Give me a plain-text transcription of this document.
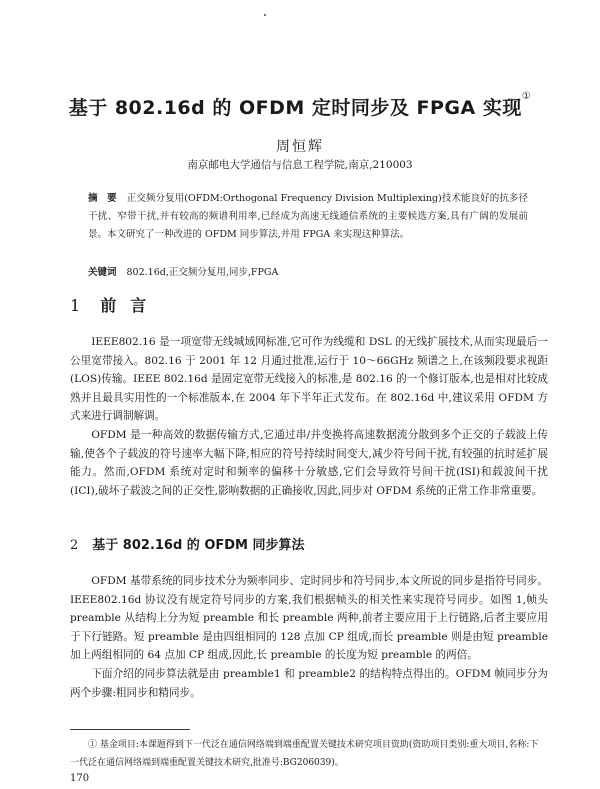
基于 802.16d 的 OFDM 定时同步及 FPGA 实现①
周恒辉
南京邮电大学通信与信息工程学院,南京,210003
摘　要 正交频分复用(OFDM:Orthogonal Frequency Division Multiplexing)技术能良好的抗多径干扰、窄带干扰,并有较高的频谱利用率,已经成为高速无线通信系统的主要候选方案,具有广阔的发展前景。本文研究了一种改进的 OFDM 同步算法,并用 FPGA 来实现这种算法。
关键词 802.16d,正交频分复用,同步,FPGA
1 前言

IEEE802.16 是一项宽带无线城域网标准,它可作为线缆和 DSL 的无线扩展技术,从而实现最后一公里宽带接入。802.16 于 2001 年 12 月通过批准,运行于 10～66GHz 频谱之上,在该频段要求视距(LOS)传输。IEEE 802.16d 是固定宽带无线接入的标准,是 802.16 的一个修订版本,也是相对比较成熟并且最具实用性的一个标准版本,在 2004 年下半年正式发布。在 802.16d 中,建议采用 OFDM 方式来进行调制解调。

OFDM 是一种高效的数据传输方式,它通过串/并变换将高速数据流分散到多个正交的子载波上传输,使各个子载波的符号速率大幅下降,相应的符号持续时间变大,减少符号间干扰,有较强的抗时延扩展能力。然而,OFDM 系统对定时和频率的偏移十分敏感,它们会导致符号间干扰(ISI)和载波间干扰(ICI),破坏子载波之间的正交性,影响数据的正确接收,因此,同步对 OFDM 系统的正常工作非常重要。

2 基于 802.16d 的 OFDM 同步算法

OFDM 基带系统的同步技术分为频率同步、定时同步和符号同步,本文所说的同步是指符号同步。IEEE802.16d 协议没有规定符号同步的方案,我们根据帧头的相关性来实现符号同步。如图 1,帧头 preamble 从结构上分为短 preamble 和长 preamble 两种,前者主要应用于上行链路,后者主要应用于下行链路。短 preamble 是由四组相同的 128 点加 CP 组成,而长 preamble 则是由短 preamble 加上两组相同的 64 点加 CP 组成,因此,长 preamble 的长度为短 preamble 的两倍。

下面介绍的同步算法就是由 preamble1 和 preamble2 的结构特点得出的。OFDM 帧同步分为两个步骤:粗同步和精同步。

① 基金项目:本课题得到下一代泛在通信网络端到端重配置关键技术研究项目资助(资助项目类别:重大项目,名称:下一代泛在通信网络端到端重配置关键技术研究,批准号:BG206039)。
170
